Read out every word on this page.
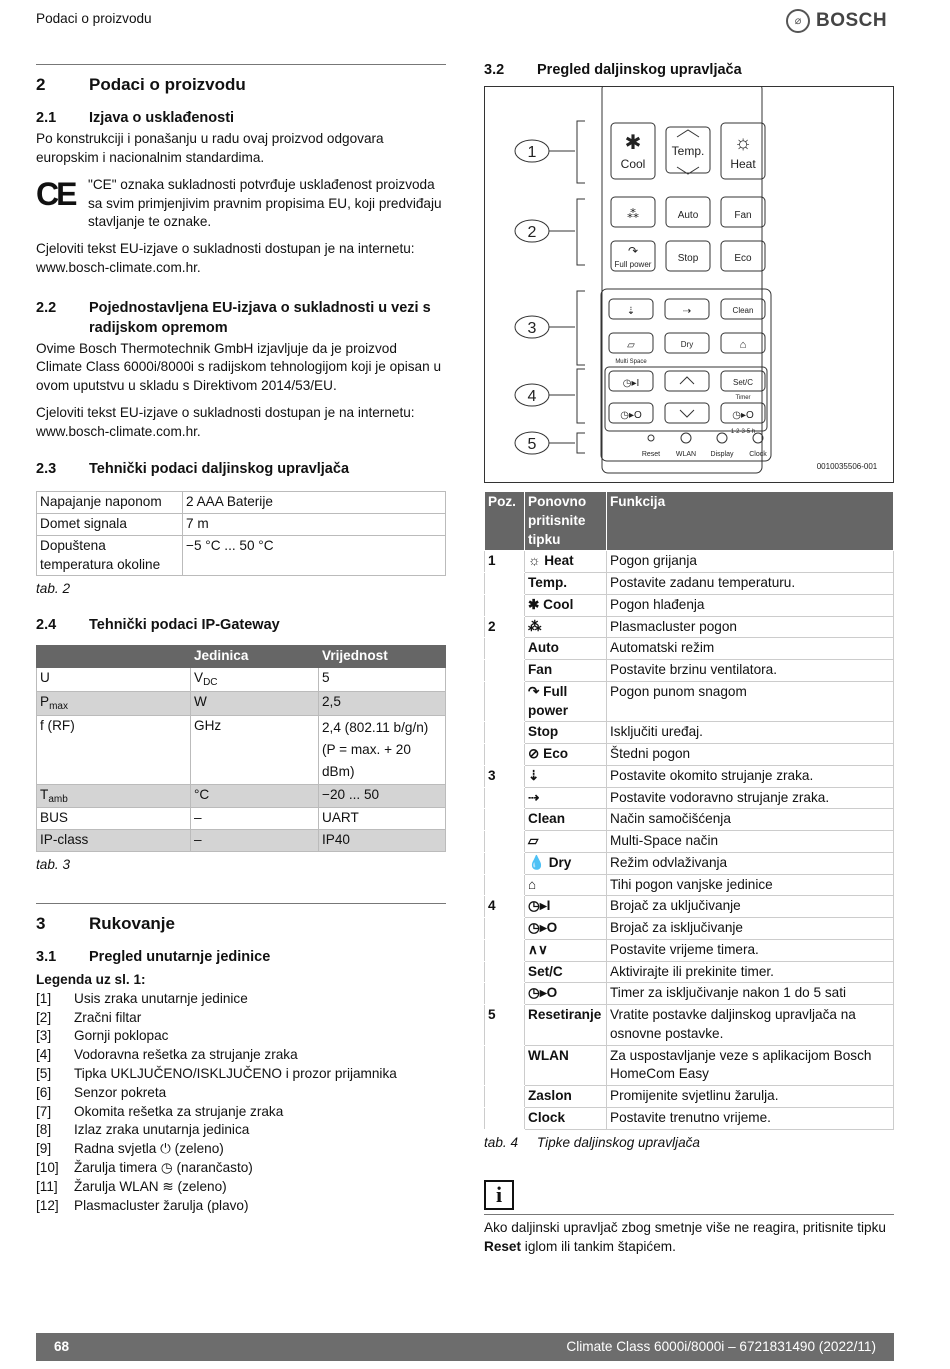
Podaci o proizvodu	⌀ BOSCH
2	Podaci o proizvodu
2.1	Izjava o usklađenosti

Po konstrukciji i ponašanju u radu ovaj proizvod odgovara europskim i nacionalnim standardima.

CE "CE" oznaka sukladnosti potvrđuje usklađenost proizvoda sa svim primjenjivim pravnim propisima EU, koji predviđaju stavljanje te oznake.

Cjeloviti tekst EU-izjave o sukladnosti dostupan je na internetu: www.bosch-climate.com.hr.

2.2	Pojednostavljena EU-izjava o sukladnosti u vezi s radijskom opremom

Ovime Bosch Thermotechnik GmbH izjavljuje da je proizvod Climate Class 6000i/8000i s radijskom tehnologijom koji je opisan u ovom uputstvu u skladu s Direktivom 2014/53/EU.

Cjeloviti tekst EU-izjave o sukladnosti dostupan je na internetu: www.bosch-climate.com.hr.

2.3	Tehnički podaci daljinskog upravljača
Napajanje naponom	2 AAA Baterije
Domet signala	7 m
Dopuštena temperatura okoline	−5 °C ... 50 °C
tab. 2
2.4	Tehnički podaci IP-Gateway
	Jedinica	Vrijednost
U	$V_{DC}$	5
$P_{max}$	W	2,5
f (RF)	GHz	2,4 (802.11 b/g/n)
(P = max. + 20 dBm)

$T_{amb}$	°C	−20 ... 50
BUS	–	UART
IP-class	–	IP40
tab. 3
3	Rukovanje
3.1	Pregled unutarnje jedinice
Legenda uz sl. 1:
[1]	Usis zraka unutarnje jedinice
[2]	Zračni filtar
[3]	Gornji poklopac
[4]	Vodoravna rešetka za strujanje zraka
[5]	Tipka UKLJUČENO/ISKLJUČENO i prozor prijamnika
[6]	Senzor pokreta
[7]	Okomita rešetka za strujanje zraka
[8]	Izlaz zraka unutarnja jedinica
[9]	Radna svjetla ⏻ (zeleno)
[10]	Žarulja timera ◷ (narančasto)
[11]	Žarulja WLAN ≋ (zeleno)
[12]	Plasmacluster žarulja (plavo)
3.2	Pregled daljinskog upravljača
1
2
3
4
5
✱
Cool
Temp. ☼
Heat
⁂	Auto	Fan
↷
Full power
Stop	Eco
⇣	⇢	Clean
▱	Dry	⌂
Multi Space
◷▸I
◷▸O
Set/C
Timer
◷▸O
1·2·3·5 h
Reset WLAN Display Clock
0010035506-001
Poz.	Ponovno pritisnite tipku	Funkcija
1	☼ Heat	Pogon grijanja
	Temp.	Postavite zadanu temperaturu.
	✱ Cool	Pogon hlađenja
2	⁂	Plasmacluster pogon
	Auto	Automatski režim
	Fan	Postavite brzinu ventilatora.
	↷ Full power	Pogon punom snagom
	Stop	Isključiti uređaj.
	⊘ Eco	Štedni pogon
3	⇣	Postavite okomito strujanje zraka.
	⇢	Postavite vodoravno strujanje zraka.
	Clean	Način samočišćenja
	▱	Multi-Space način
	💧 Dry	Režim odvlaživanja
	⌂	Tihi pogon vanjske jedinice
4	◷▸I	Brojač za uključivanje
	◷▸O	Brojač za isključivanje
	∧∨	Postavite vrijeme timera.
	Set/C	Aktivirajte ili prekinite timer.
	◷▸O	Timer za isključivanje nakon 1 do 5 sati
5	Resetiranje	Vratite postavke daljinskog upravljača na osnovne postavke.
	WLAN	Za uspostavljanje veze s aplikacijom Bosch HomeCom Easy
	Zaslon	Promijenite svjetlinu žarulja.
	Clock	Postavite trenutno vrijeme.
tab. 4     Tipke daljinskog upravljača
i
Ako daljinski upravljač zbog smetnje više ne reagira, pritisnite tipku Reset iglom ili tankim štapićem.
68	Climate Class 6000i/8000i – 6721831490 (2022/11)
